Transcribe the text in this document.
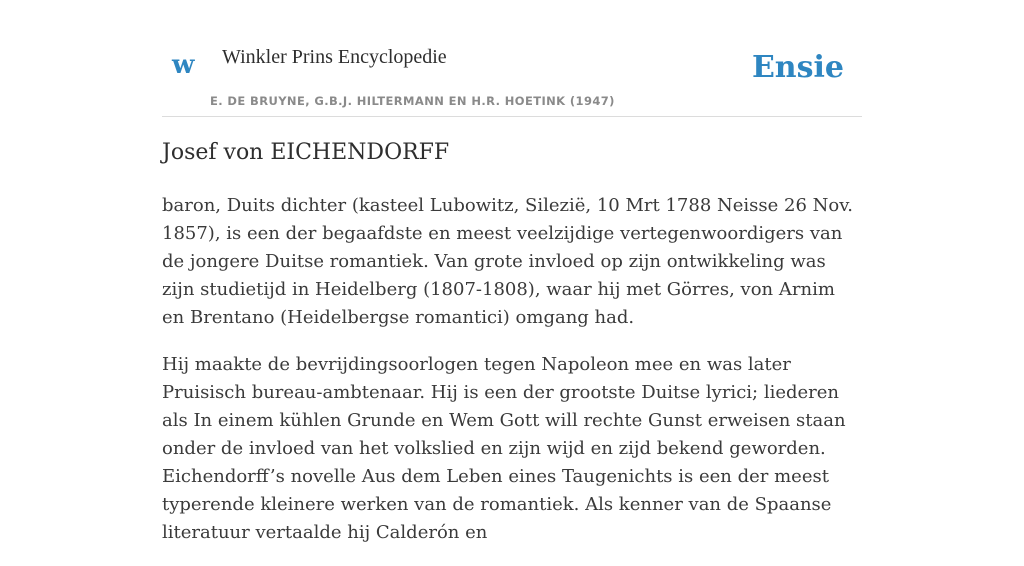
w Winkler Prins Encyclopedie
E. DE BRUYNE, G.B.J. HILTERMANN EN H.R. HOETINK (1947)
Ensie
Josef von EICHENDORFF

baron, Duits dichter (kasteel Lubowitz, Silezië, 10 Mrt 1788 Neisse 26 Nov. 1857), is een der begaafdste en meest veelzijdige vertegenwoordigers van de jongere Duitse romantiek. Van grote invloed op zijn ontwikkeling was zijn studietijd in Heidelberg (1807-1808), waar hij met Görres, von Arnim en Brentano (Heidelbergse romantici) omgang had.

Hij maakte de bevrijdingsoorlogen tegen Napoleon mee en was later Pruisisch bureau-ambtenaar. Hij is een der grootste Duitse lyrici; liederen als In einem kühlen Grunde en Wem Gott will rechte Gunst erweisen staan onder de invloed van het volkslied en zijn wijd en zijd bekend geworden. Eichendorff’s novelle Aus dem Leben eines Taugenichts is een der meest typerende kleinere werken van de romantiek. Als kenner van de Spaanse literatuur vertaalde hij Calderón en
